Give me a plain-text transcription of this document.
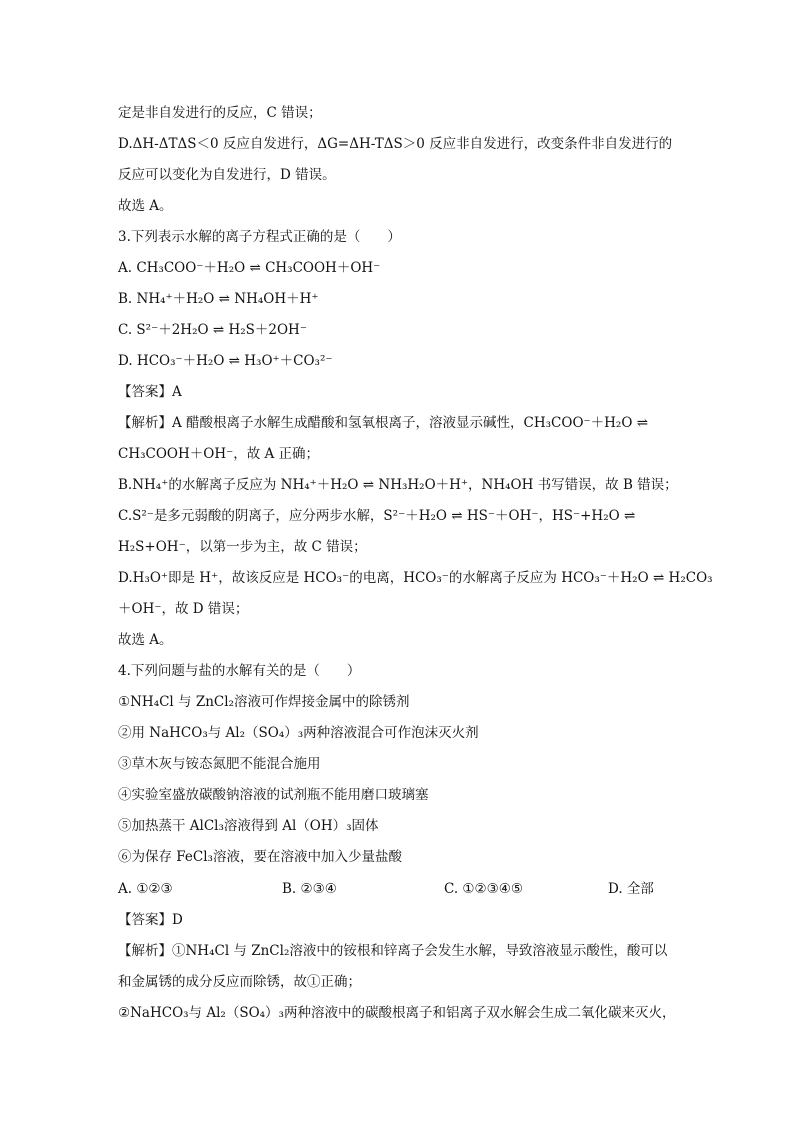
定是非自发进行的反应，C 错误；
D.ΔH-ΔTΔS＜0 反应自发进行，ΔG=ΔH-TΔS＞0 反应非自发进行，改变条件非自发进行的
反应可以变化为自发进行，D 错误。
故选 A。
3.下列表示水解的离子方程式正确的是（　　）
A. CH₃COO⁻＋H₂O ⇌ CH₃COOH＋OH⁻
B. NH₄⁺＋H₂O ⇌ NH₄OH＋H⁺
C. S²⁻＋2H₂O ⇌ H₂S＋2OH⁻
D. HCO₃⁻＋H₂O ⇌ H₃O⁺＋CO₃²⁻
【答案】A
【解析】A 醋酸根离子水解生成醋酸和氢氧根离子，溶液显示碱性，CH₃COO⁻＋H₂O ⇌
CH₃COOH＋OH⁻，故 A 正确；
B.NH₄⁺的水解离子反应为 NH₄⁺＋H₂O ⇌ NH₃H₂O＋H⁺，NH₄OH 书写错误，故 B 错误；
C.S²⁻是多元弱酸的阴离子，应分两步水解，S²⁻＋H₂O ⇌ HS⁻＋OH⁻，HS⁻+H₂O ⇌
H₂S+OH⁻，以第一步为主，故 C 错误；
D.H₃O⁺即是 H⁺，故该反应是 HCO₃⁻的电离，HCO₃⁻的水解离子反应为 HCO₃⁻＋H₂O ⇌ H₂CO₃
＋OH⁻，故 D 错误；
故选 A。
4.下列问题与盐的水解有关的是（　　）
①NH₄Cl 与 ZnCl₂溶液可作焊接金属中的除锈剂
②用 NaHCO₃与 Al₂（SO₄）₃两种溶液混合可作泡沫灭火剂
③草木灰与铵态氮肥不能混合施用
④实验室盛放碳酸钠溶液的试剂瓶不能用磨口玻璃塞
⑤加热蒸干 AlCl₃溶液得到 Al（OH）₃固体
⑥为保存 FeCl₃溶液，要在溶液中加入少量盐酸
A. ①②③	B. ②③④	C. ①②③④⑤	D. 全部
【答案】D
【解析】①NH₄Cl 与 ZnCl₂溶液中的铵根和锌离子会发生水解，导致溶液显示酸性，酸可以
和金属锈的成分反应而除锈，故①正确；
②NaHCO₃与 Al₂（SO₄）₃两种溶液中的碳酸根离子和铝离子双水解会生成二氧化碳来灭火，
